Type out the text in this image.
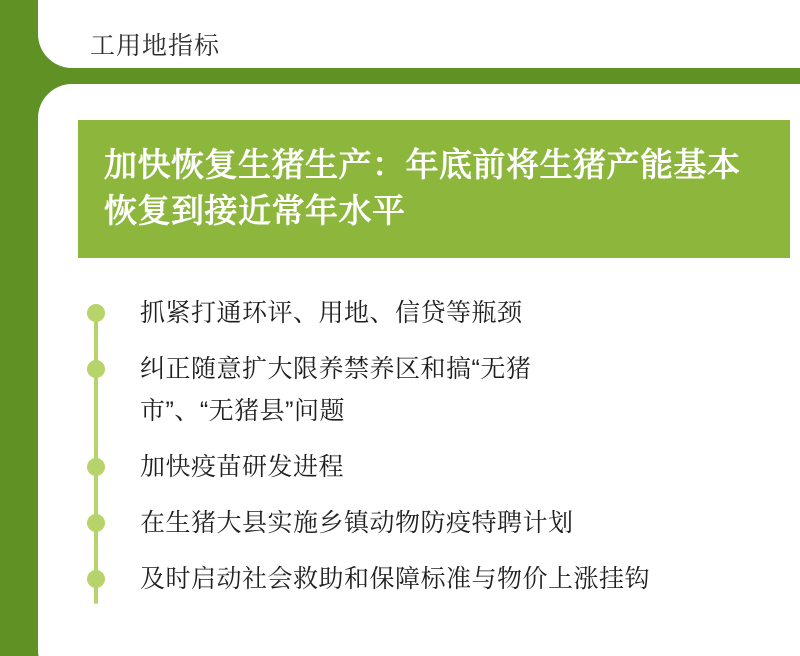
工用地指标
加快恢复生猪生产：年底前将生猪产能基本恢复到接近常年水平
抓紧打通环评、用地、信贷等瓶颈
纠正随意扩大限养禁养区和搞“无猪
市”、“无猪县”问题
加快疫苗研发进程
在生猪大县实施乡镇动物防疫特聘计划
及时启动社会救助和保障标准与物价上涨挂钩
